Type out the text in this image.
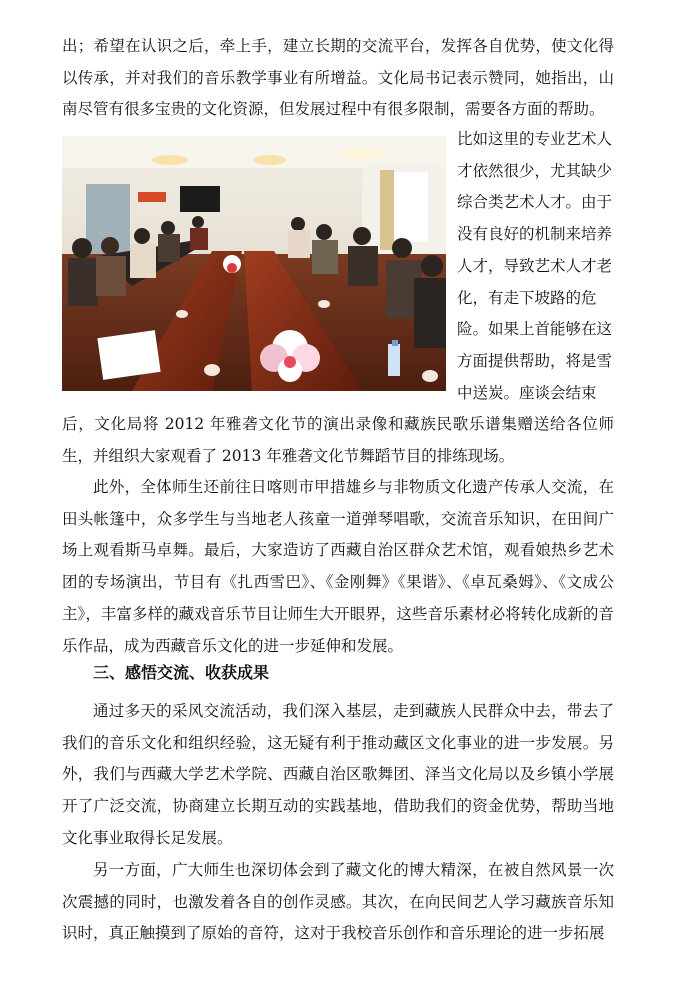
出；希望在认识之后，牵上手，建立长期的交流平台，发挥各自优势，使文化得以传承，并对我们的音乐教学事业有所增益。文化局书记表示赞同，她指出，山南尽管有很多宝贵的文化资源，但发展过程中有很多限制，需要各方面的帮助。
比如这里的专业艺术人才依然很少，尤其缺少综合类艺术人才。由于没有良好的机制来培养人才，导致艺术人才老化，有走下坡路的危险。如果上首能够在这方面提供帮助，将是雪中送炭。座谈会结束
后，文化局将 2012 年雅砻文化节的演出录像和藏族民歌乐谱集赠送给各位师生，并组织大家观看了 2013 年雅砻文化节舞蹈节目的排练现场。
此外，全体师生还前往日喀则市甲措雄乡与非物质文化遗产传承人交流，在田头帐篷中，众多学生与当地老人孩童一道弹琴唱歌，交流音乐知识，在田间广场上观看斯马卓舞。最后，大家造访了西藏自治区群众艺术馆，观看娘热乡艺术团的专场演出，节目有《扎西雪巴》、《金刚舞》《果谐》、《卓瓦桑姆》、《文成公主》，丰富多样的藏戏音乐节目让师生大开眼界，这些音乐素材必将转化成新的音乐作品，成为西藏音乐文化的进一步延伸和发展。
三、感悟交流、收获成果
通过多天的采风交流活动，我们深入基层，走到藏族人民群众中去，带去了我们的音乐文化和组织经验，这无疑有利于推动藏区文化事业的进一步发展。另外，我们与西藏大学艺术学院、西藏自治区歌舞团、泽当文化局以及乡镇小学展开了广泛交流，协商建立长期互动的实践基地，借助我们的资金优势，帮助当地文化事业取得长足发展。
另一方面，广大师生也深切体会到了藏文化的博大精深，在被自然风景一次次震撼的同时，也激发着各自的创作灵感。其次，在向民间艺人学习藏族音乐知识时，真正触摸到了原始的音符，这对于我校音乐创作和音乐理论的进一步拓展
